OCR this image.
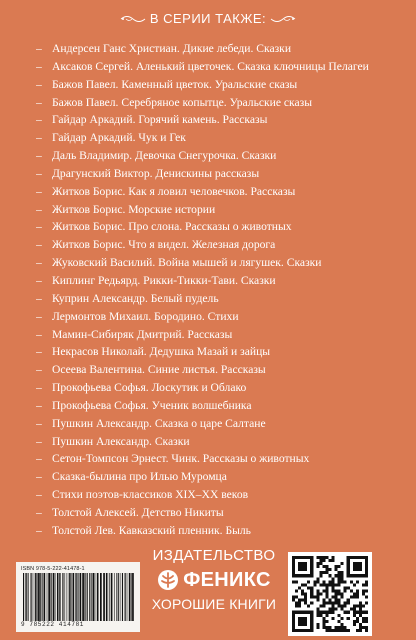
В СЕРИИ ТАКЖЕ:
– Андерсен Ганс Христиан. Дикие лебеди. Сказки
– Аксаков Сергей. Аленький цветочек. Сказка ключницы Пелагеи
– Бажов Павел. Каменный цветок. Уральские сказы
– Бажов Павел. Серебряное копытце. Уральские сказы
– Гайдар Аркадий. Горячий камень. Рассказы
– Гайдар Аркадий. Чук и Гек
– Даль Владимир. Девочка Снегурочка. Сказки
– Драгунский Виктор. Денискины рассказы
– Житков Борис. Как я ловил человечков. Рассказы
– Житков Борис. Морские истории
– Житков Борис. Про слона. Рассказы о животных
– Житков Борис. Что я видел. Железная дорога
– Жуковский Василий. Война мышей и лягушек. Сказки
– Киплинг Редьярд. Рикки-Тикки-Тави. Сказки
– Куприн Александр. Белый пудель
– Лермонтов Михаил. Бородино. Стихи
– Мамин-Сибиряк Дмитрий. Рассказы
– Некрасов Николай. Дедушка Мазай и зайцы
– Осеева Валентина. Синие листья. Рассказы
– Прокофьева Софья. Лоскутик и Облако
– Прокофьева Софья. Ученик волшебника
– Пушкин Александр. Сказка о царе Салтане
– Пушкин Александр. Сказки
– Сетон-Томпсон Эрнест. Чинк. Рассказы о животных
– Сказка-былина про Илью Муромца
– Стихи поэтов-классиков XIX–XX веков
– Толстой Алексей. Детство Никиты
– Толстой Лев. Кавказский пленник. Быль
ISBN 978-5-222-41478-1
9 785222 414781
ИЗДАТЕЛЬСТВО
ФЕНИКС
ХОРОШИЕ КНИГИ
